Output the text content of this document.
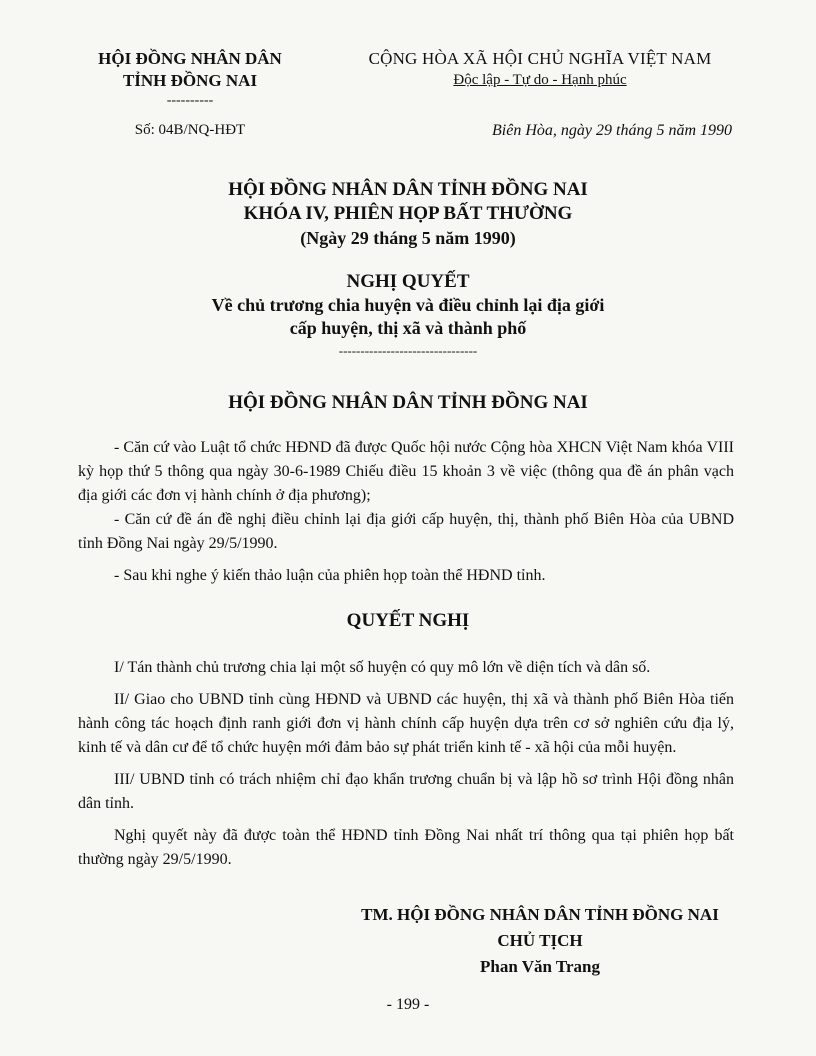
HỘI ĐỒNG NHÂN DÂN
TỈNH ĐỒNG NAI
----------
CỘNG HÒA XÃ HỘI CHỦ NGHĨA VIỆT NAM
Độc lập - Tự do - Hạnh phúc
Số: 04B/NQ-HĐT	Biên Hòa, ngày 29 tháng 5 năm 1990
HỘI ĐỒNG NHÂN DÂN TỈNH ĐỒNG NAI
KHÓA IV, PHIÊN HỌP BẤT THƯỜNG
(Ngày 29 tháng 5 năm 1990)
NGHỊ QUYẾT
Về chủ trương chia huyện và điều chỉnh lại địa giới
cấp huyện, thị xã và thành phố
--------------------------------
HỘI ĐỒNG NHÂN DÂN TỈNH ĐỒNG NAI

- Căn cứ vào Luật tổ chức HĐND đã được Quốc hội nước Cộng hòa XHCN Việt Nam khóa VIII kỳ họp thứ 5 thông qua ngày 30-6-1989 Chiếu điều 15 khoản 3 về việc (thông qua đề án phân vạch địa giới các đơn vị hành chính ở địa phương);

- Căn cứ đề án đề nghị điều chỉnh lại địa giới cấp huyện, thị, thành phố Biên Hòa của UBND tỉnh Đồng Nai ngày 29/5/1990.

- Sau khi nghe ý kiến thảo luận của phiên họp toàn thể HĐND tỉnh.

QUYẾT NGHỊ

I/ Tán thành chủ trương chia lại một số huyện có quy mô lớn về diện tích và dân số.

II/ Giao cho UBND tỉnh cùng HĐND và UBND các huyện, thị xã và thành phố Biên Hòa tiến hành công tác hoạch định ranh giới đơn vị hành chính cấp huyện dựa trên cơ sở nghiên cứu địa lý, kinh tế và dân cư để tổ chức huyện mới đảm bảo sự phát triển kinh tế - xã hội của mỗi huyện.

III/ UBND tỉnh có trách nhiệm chỉ đạo khẩn trương chuẩn bị và lập hồ sơ trình Hội đồng nhân dân tỉnh.

Nghị quyết này đã được toàn thể HĐND tỉnh Đồng Nai nhất trí thông qua tại phiên họp bất thường ngày 29/5/1990.

TM. HỘI ĐỒNG NHÂN DÂN TỈNH ĐỒNG NAI
CHỦ TỊCH
Phan Văn Trang
- 199 -
